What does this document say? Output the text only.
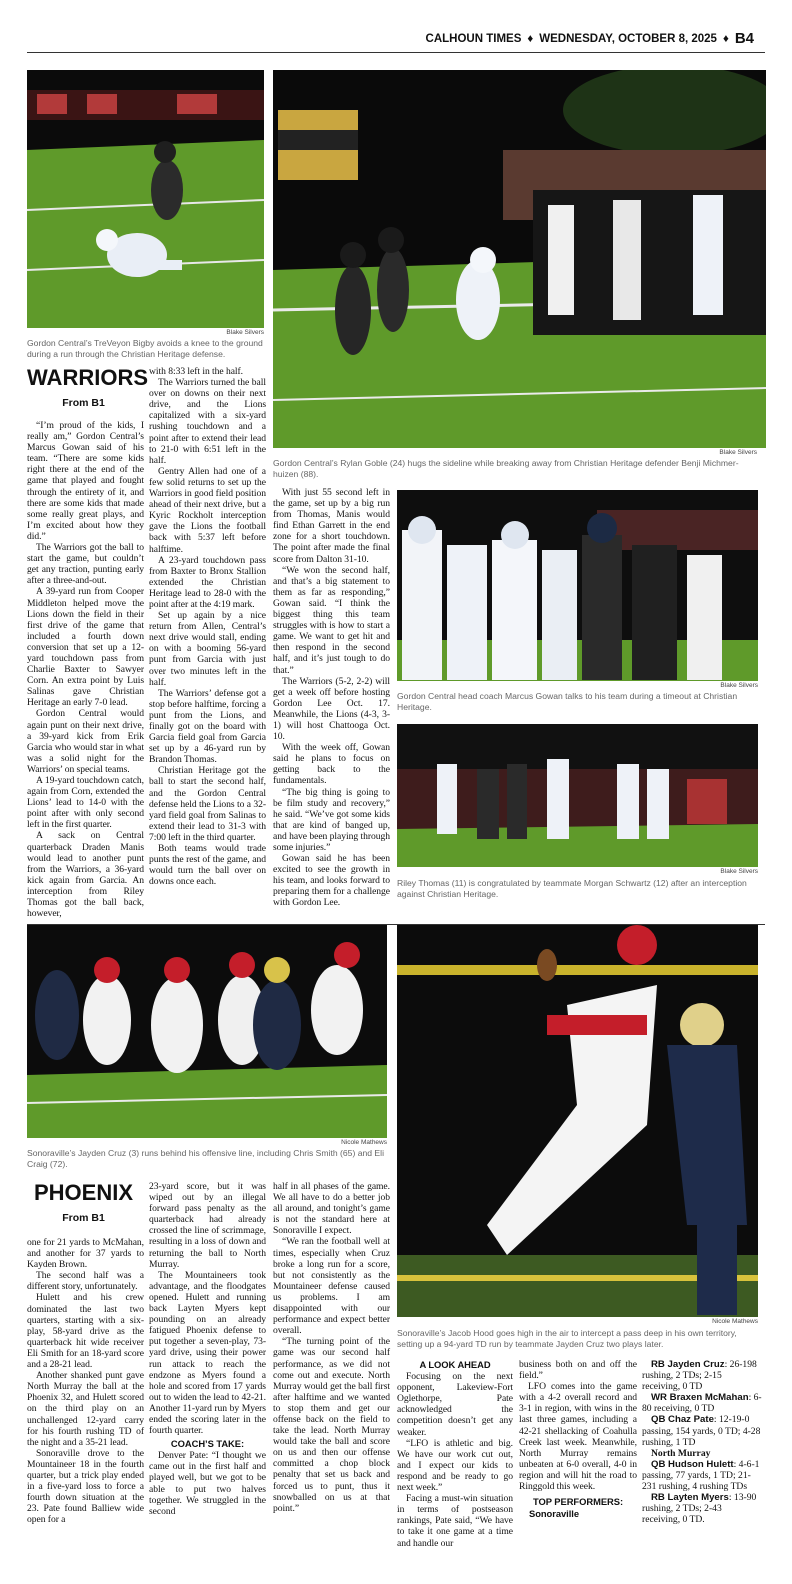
CALHOUN TIMES ♦ WEDNESDAY, OCTOBER 8, 2025 ♦ B4
Blake Silvers
Gordon Central’s TreVeyon Bigby avoids a knee to the ground during a run through the Christian Heritage defense.
Blake Silvers
Gordon Central’s Rylan Goble (24) hugs the sideline while breaking away from Christian Heritage defender Benji Michmer-huizen (88).
WARRIORS
From B1

“I’m proud of the kids, I really am,” Gordon Central’s Marcus Gowan said of his team. “There are some kids right there at the end of the game that played and fought through the entirety of it, and there are some kids that made some really great plays, and I’m excited about how they did.”

The Warriors got the ball to start the game, but couldn’t get any traction, punting early after a three-and-out.

A 39-yard run from Cooper Middleton helped move the Lions down the field in their first drive of the game that included a fourth down conversion that set up a 12-yard touchdown pass from Charlie Baxter to Sawyer Corn. An extra point by Luis Salinas gave Christian Heritage an early 7-0 lead.

Gordon Central would again punt on their next drive, a 39-yard kick from Erik Garcia who would star in what was a solid night for the Warriors’ on special teams.

A 19-yard touchdown catch, again from Corn, extended the Lions’ lead to 14-0 with the point after with only second left in the first quarter.

A sack on Central quarterback Draden Manis would lead to another punt from the Warriors, a 36-yard kick again from Garcia. An interception from Riley Thomas got the ball back, however,

with 8:33 left in the half.

The Warriors turned the ball over on downs on their next drive, and the Lions capitalized with a six-yard rushing touchdown and a point after to extend their lead to 21-0 with 6:51 left in the half.

Gentry Allen had one of a few solid returns to set up the Warriors in good field position ahead of their next drive, but a Kyric Rockholt interception gave the Lions the football back with 5:37 left before halftime.

A 23-yard touchdown pass from Baxter to Bronx Stallion extended the Christian Heritage lead to 28-0 with the point after at the 4:19 mark.

Set up again by a nice return from Allen, Central’s next drive would stall, ending on with a booming 56-yard punt from Garcia with just over two minutes left in the half.

The Warriors’ defense got a stop before halftime, forcing a punt from the Lions, and finally got on the board with Garcia field goal from Garcia set up by a 46-yard run by Brandon Thomas.

Christian Heritage got the ball to start the second half, and the Gordon Central defense held the Lions to a 32-yard field goal from Salinas to extend their lead to 31-3 with 7:00 left in the third quarter.

Both teams would trade punts the rest of the game, and would turn the ball over on downs once each.

With just 55 second left in the game, set up by a big run from Thomas, Manis would find Ethan Garrett in the end zone for a short touchdown. The point after made the final score from Dalton 31-10.

“We won the second half, and that’s a big statement to them as far as responding,” Gowan said. “I think the biggest thing this team struggles with is how to start a game. We want to get hit and then respond in the second half, and it’s just tough to do that.”

The Warriors (5-2, 2-2) will get a week off before hosting Gordon Lee Oct. 17. Meanwhile, the Lions (4-3, 3-1) will host Chattooga Oct. 10.

With the week off, Gowan said he plans to focus on getting back to the fundamentals.

“The big thing is going to be film study and recovery,” he said. “We’ve got some kids that are kind of banged up, and have been playing through some injuries.”

Gowan said he has been excited to see the growth in his team, and looks forward to preparing them for a challenge with Gordon Lee.

Blake Silvers
Gordon Central head coach Marcus Gowan talks to his team during a timeout at Christian Heritage.
Blake Silvers
Riley Thomas (11) is congratulated by teammate Morgan Schwartz (12) after an interception against Christian Heritage.
Nicole Mathews
Sonoraville’s Jayden Cruz (3) runs behind his offensive line, including Chris Smith (65) and Eli Craig (72).
Nicole Mathews
Sonoraville’s Jacob Hood goes high in the air to intercept a pass deep in his own territory, setting up a 94-yard TD run by teammate Jayden Cruz two plays later.
PHOENIX
From B1

one for 21 yards to McMahan, and another for 37 yards to Kayden Brown.

The second half was a different story, unfortunately.

Hulett and his crew dominated the last two quarters, starting with a six-play, 58-yard drive as the quarterback hit wide receiver Eli Smith for an 18-yard score and a 28-21 lead.

Another shanked punt gave North Murray the ball at the Phoenix 32, and Hulett scored on the third play on an unchallenged 12-yard carry for his fourth rushing TD of the night and a 35-21 lead.

Sonoraville drove to the Mountaineer 18 in the fourth quarter, but a trick play ended in a five-yard loss to force a fourth down situation at the 23. Pate found Balliew wide open for a

23-yard score, but it was wiped out by an illegal forward pass penalty as the quarterback had already crossed the line of scrimmage, resulting in a loss of down and returning the ball to North Murray.

The Mountaineers took advantage, and the floodgates opened. Hulett and running back Layten Myers kept pounding on an already fatigued Phoenix defense to put together a seven-play, 73-yard drive, using their power run attack to reach the endzone as Myers found a hole and scored from 17 yards out to widen the lead to 42-21. Another 11-yard run by Myers ended the scoring later in the fourth quarter.

COACH’S TAKE:

Denver Pate: “I thought we came out in the first half and played well, but we got to be able to put two halves together. We struggled in the second

half in all phases of the game. We all have to do a better job all around, and tonight’s game is not the standard here at Sonoraville I expect.

“We ran the football well at times, especially when Cruz broke a long run for a score, but not consistently as the Mountaineer defense caused us problems. I am disappointed with our performance and expect better overall.

“The turning point of the game was our second half performance, as we did not come out and execute. North Murray would get the ball first after halftime and we wanted to stop them and get our offense back on the field to take the lead. North Murray would take the ball and score on us and then our offense committed a chop block penalty that set us back and forced us to punt, thus it snowballed on us at that point.”

A LOOK AHEAD

Focusing on the next opponent, Lakeview-Fort Oglethorpe, Pate acknowledged the competition doesn’t get any weaker.

“LFO is athletic and big. We have our work cut out, and I expect our kids to respond and be ready to go next week.”

Facing a must-win situation in terms of postseason rankings, Pate said, “We have to take it one game at a time and handle our

business both on and off the field.”

LFO comes into the game with a 4-2 overall record and 3-1 in region, with wins in the last three games, including a 42-21 shellacking of Coahulla Creek last week. Meanwhile, North Murray remains unbeaten at 6-0 overall, 4-0 in region and will hit the road to Ringgold this week.

TOP PERFORMERS:
Sonoraville

RB Jayden Cruz: 26-198 rushing, 2 TDs; 2-15 receiving, 0 TD

WR Braxen McMahan: 6-80 receiving, 0 TD

QB Chaz Pate: 12-19-0 passing, 154 yards, 0 TD; 4-28 rushing, 1 TD

North Murray

QB Hudson Hulett: 4-6-1 passing, 77 yards, 1 TD; 21-231 rushing, 4 rushing TDs

RB Layten Myers: 13-90 rushing, 2 TDs; 2-43 receiving, 0 TD.
